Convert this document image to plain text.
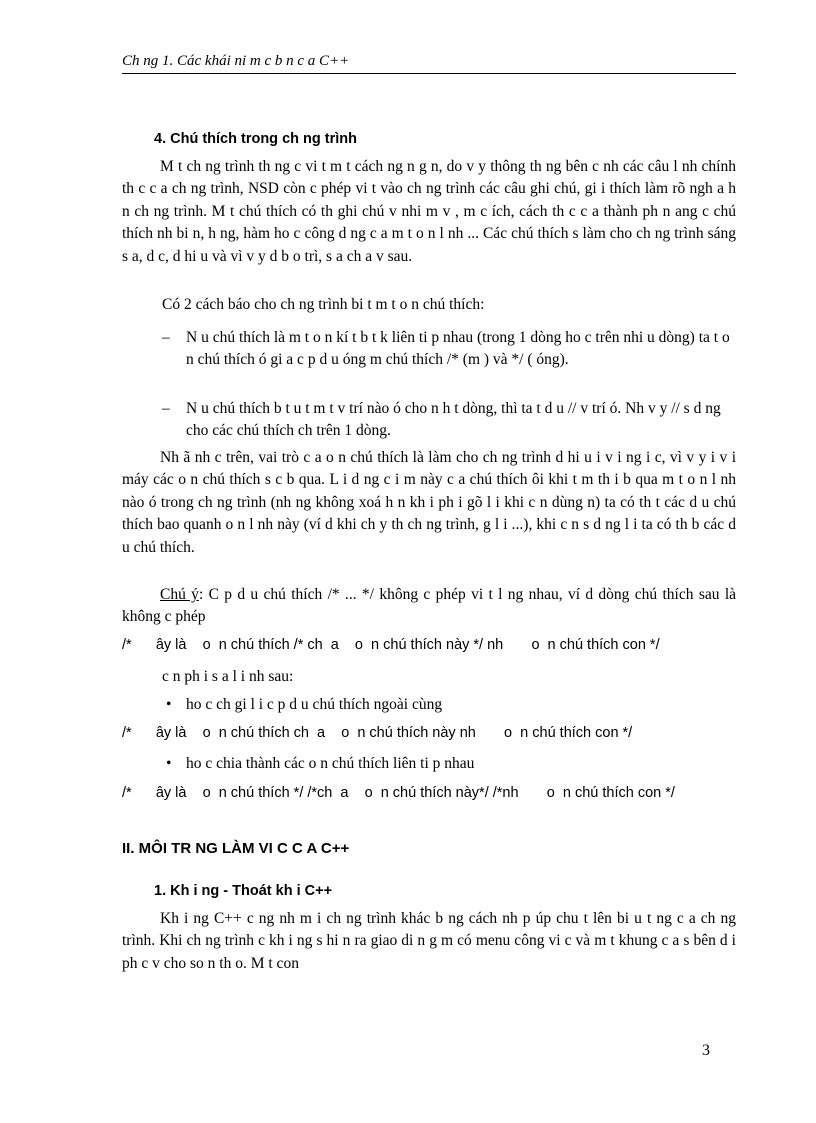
Ch ng 1. Các khái ni m c b n c a C++
4. Chú thích trong ch ng trình
M t ch ng trình th ng c vi t m t cách ng n g n, do v y thông th ng bên c nh các câu l nh chính th c c a ch ng trình, NSD còn c phép vi t vào ch ng trình các câu ghi chú, gi i thích làm rõ ngh a h n ch ng trình. M t chú thích có th ghi chú v nhi m v , m c ích, cách th c c a thành ph n ang c chú thích nh bi n, h ng, hàm ho c công d ng c a m t o n l nh ... Các chú thích s làm cho ch ng trình sáng s a, d c, d hi u và vì v y d b o trì, s a ch a v sau.
Có 2 cách báo cho ch ng trình bi t m t o n chú thích:
– N u chú thích là m t o n kí t b t k liên ti p nhau (trong 1 dòng ho c trên nhi u dòng) ta t o n chú thích ó gi a c p d u óng m chú thích /* (m ) và */ ( óng).
– N u chú thích b t u t m t v trí nào ó cho n h t dòng, thì ta t d u // v trí ó. Nh v y // s d ng cho các chú thích ch trên 1 dòng.
Nh ã nh c trên, vai trò c a o n chú thích là làm cho ch ng trình d hi u i v i ng i c, vì v y i v i máy các o n chú thích s c b qua. L i d ng c i m này c a chú thích ôi khi t m th i b qua m t o n l nh nào ó trong ch ng trình (nh ng không xoá h n kh i ph i gõ l i khi c n dùng n) ta có th t các d u chú thích bao quanh o n l nh này (ví d khi ch y th ch ng trình, g l i ...), khi c n s d ng l i ta có th b các d u chú thích.
Chú ý: C p d u chú thích /* ... */ không c phép vi t l ng nhau, ví d dòng chú thích sau là không c phép
/*      ây là    o  n chú thích /* ch  a    o  n chú thích này */ nh       o  n chú thích con */
c n ph i s a l i nh sau:
• ho c ch gi l i c p d u chú thích ngoài cùng
/*      ây là    o  n chú thích ch  a    o  n chú thích này nh       o  n chú thích con */
• ho c chia thành các o n chú thích liên ti p nhau
/*      ây là    o  n chú thích */ /*ch  a    o  n chú thích này*/ /*nh       o  n chú thích con */
II. MÔI TR NG LÀM VI C C A C++
1. Kh i ng - Thoát kh i C++
Kh i ng C++ c ng nh m i ch ng trình khác b ng cách nh p úp chu t lên bi u t ng c a ch ng trình. Khi ch ng trình c kh i ng s hi n ra giao di n g m có menu công vi c và m t khung c a s bên d i ph c v cho so n th o. M t con
3
